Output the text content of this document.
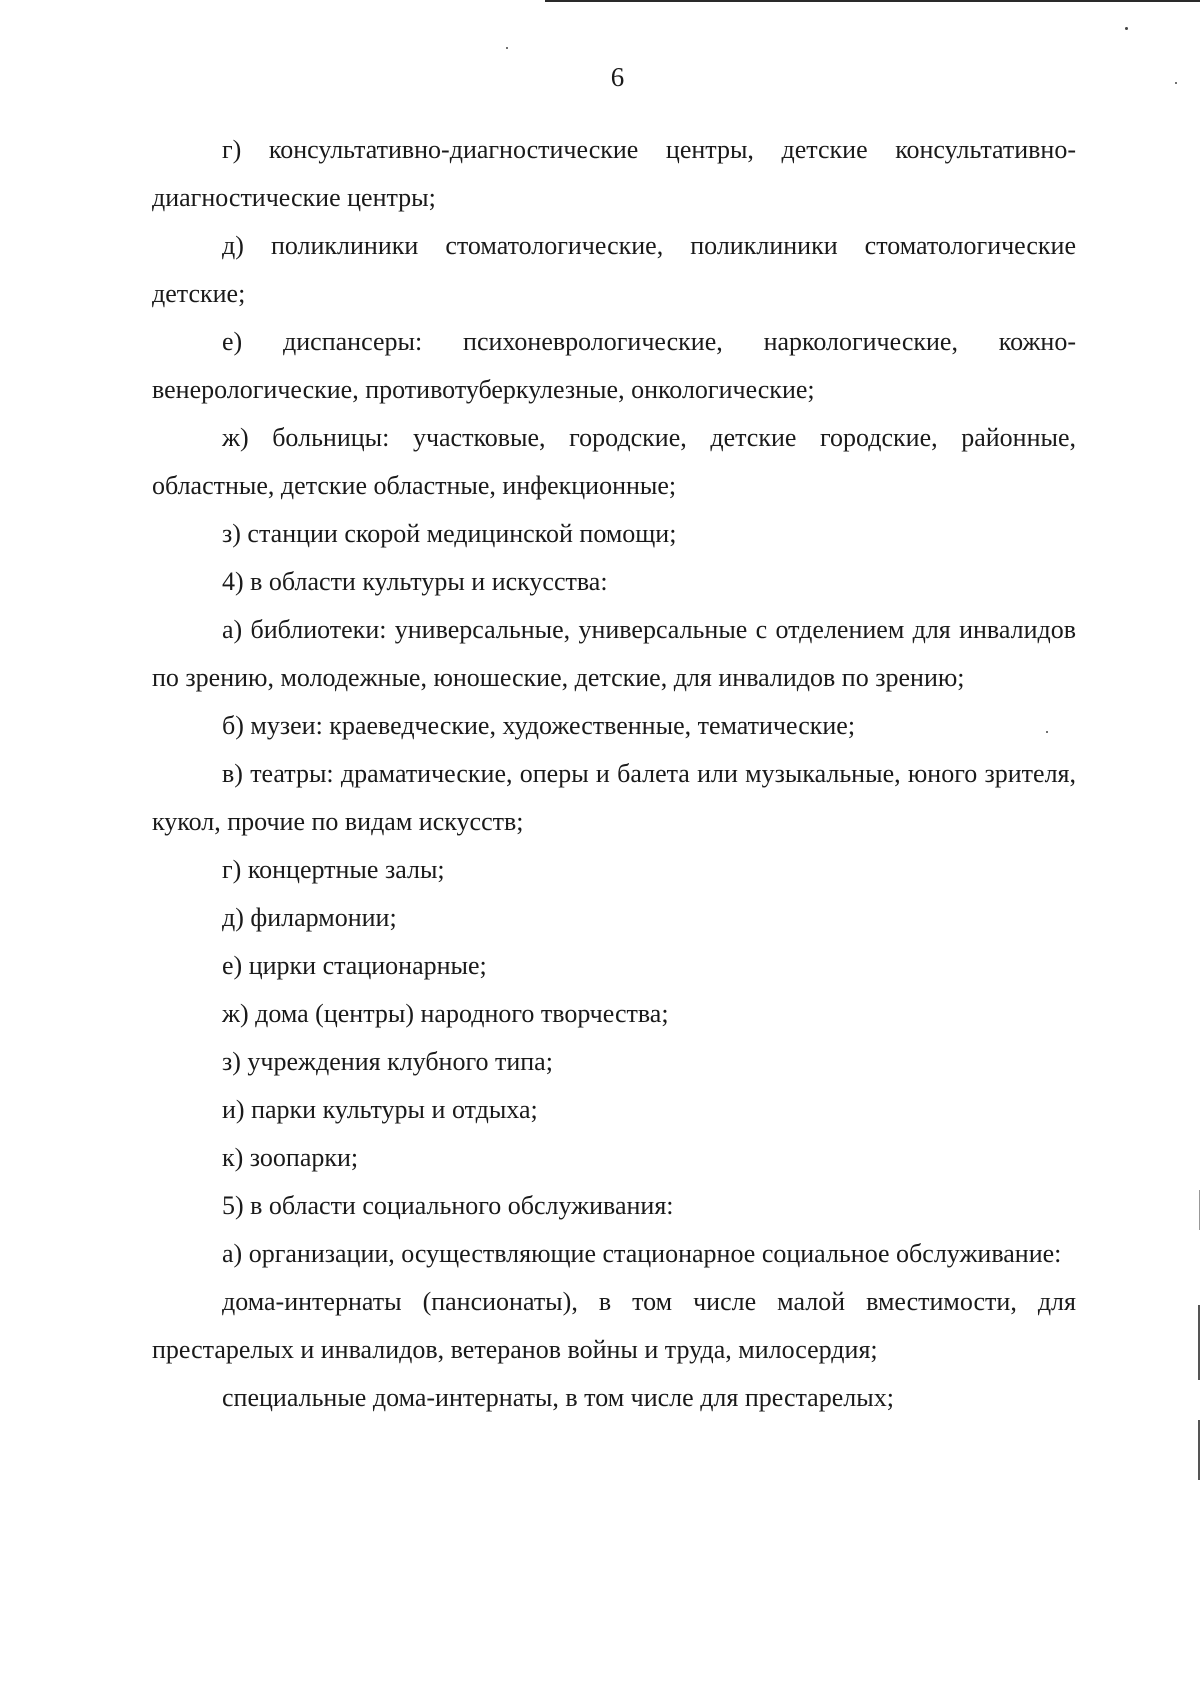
6

г) консультативно-диагностические центры, детские консультативно-диагностические центры;

д) поликлиники стоматологические, поликлиники стоматологические детские;

е) диспансеры: психоневрологические, наркологические, кожно-венерологические, противотуберкулезные, онкологические;

ж) больницы: участковые, городские, детские городские, районные, областные, детские областные, инфекционные;

з) станции скорой медицинской помощи;

4) в области культуры и искусства:

а) библиотеки: универсальные, универсальные с отделением для инвалидов по зрению, молодежные, юношеские, детские, для инвалидов по зрению;

б) музеи: краеведческие, художественные, тематические;

в) театры: драматические, оперы и балета или музыкальные, юного зрителя, кукол, прочие по видам искусств;

г) концертные залы;

д) филармонии;

е) цирки стационарные;

ж) дома (центры) народного творчества;

з) учреждения клубного типа;

и) парки культуры и отдыха;

к) зоопарки;

5) в области социального обслуживания:

а) организации, осуществляющие стационарное социальное обслуживание:

дома-интернаты (пансионаты), в том числе малой вместимости, для престарелых и инвалидов, ветеранов войны и труда, милосердия;

специальные дома-интернаты, в том числе для престарелых;
